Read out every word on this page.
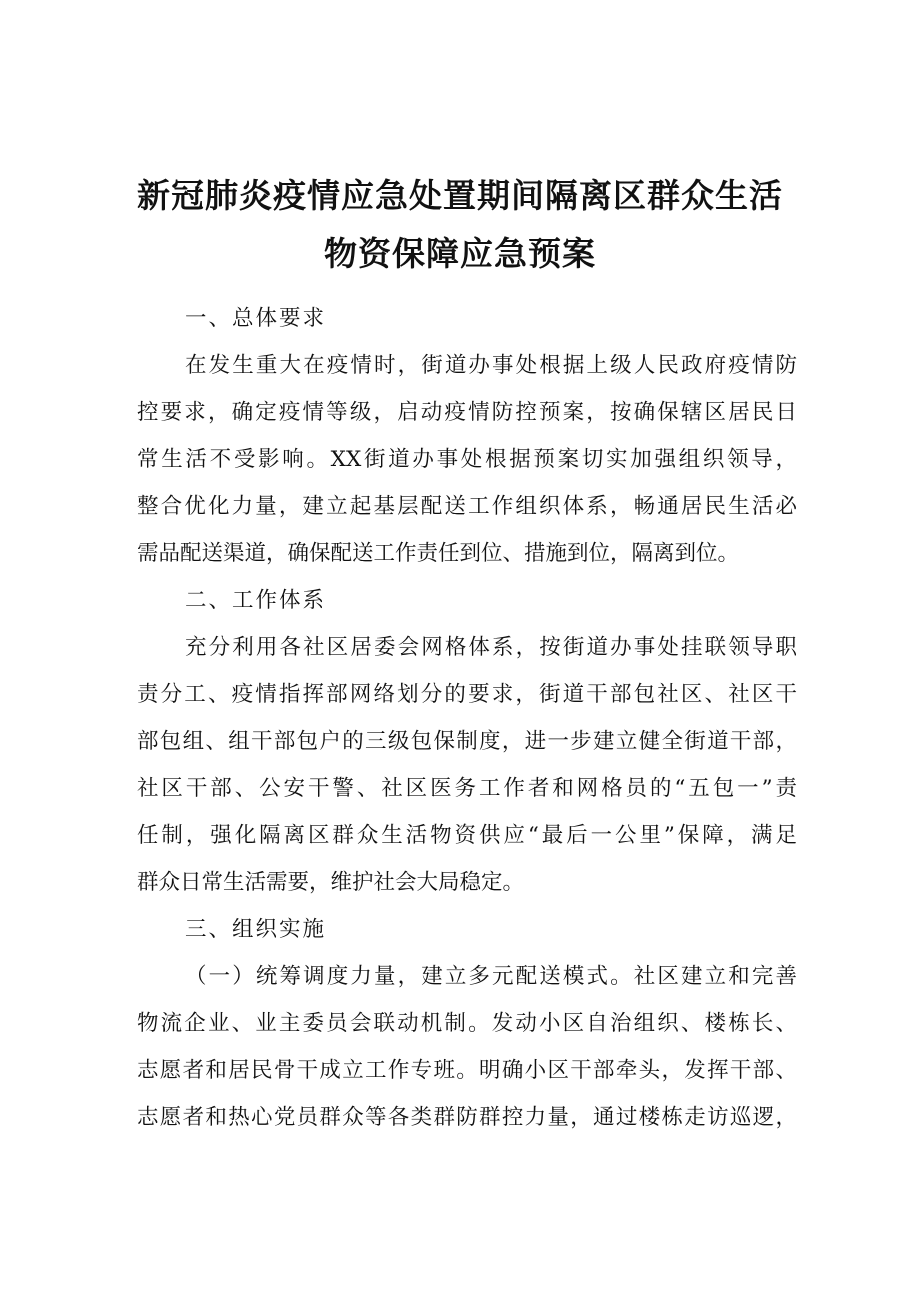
新冠肺炎疫情应急处置期间隔离区群众生活
物资保障应急预案
一、总体要求
在发生重大在疫情时，街道办事处根据上级人民政府疫情防
控要求，确定疫情等级，启动疫情防控预案，按确保辖区居民日
常生活不受影响。XX街道办事处根据预案切实加强组织领导，
整合优化力量，建立起基层配送工作组织体系，畅通居民生活必
需品配送渠道，确保配送工作责任到位、措施到位，隔离到位。
二、工作体系
充分利用各社区居委会网格体系，按街道办事处挂联领导职
责分工、疫情指挥部网络划分的要求，街道干部包社区、社区干
部包组、组干部包户的三级包保制度，进一步建立健全街道干部，
社区干部、公安干警、社区医务工作者和网格员的“五包一”责
任制，强化隔离区群众生活物资供应“最后一公里”保障，满足
群众日常生活需要，维护社会大局稳定。
三、组织实施
（一）统筹调度力量，建立多元配送模式。社区建立和完善
物流企业、业主委员会联动机制。发动小区自治组织、楼栋长、
志愿者和居民骨干成立工作专班。明确小区干部牵头，发挥干部、
志愿者和热心党员群众等各类群防群控力量，通过楼栋走访巡逻，
